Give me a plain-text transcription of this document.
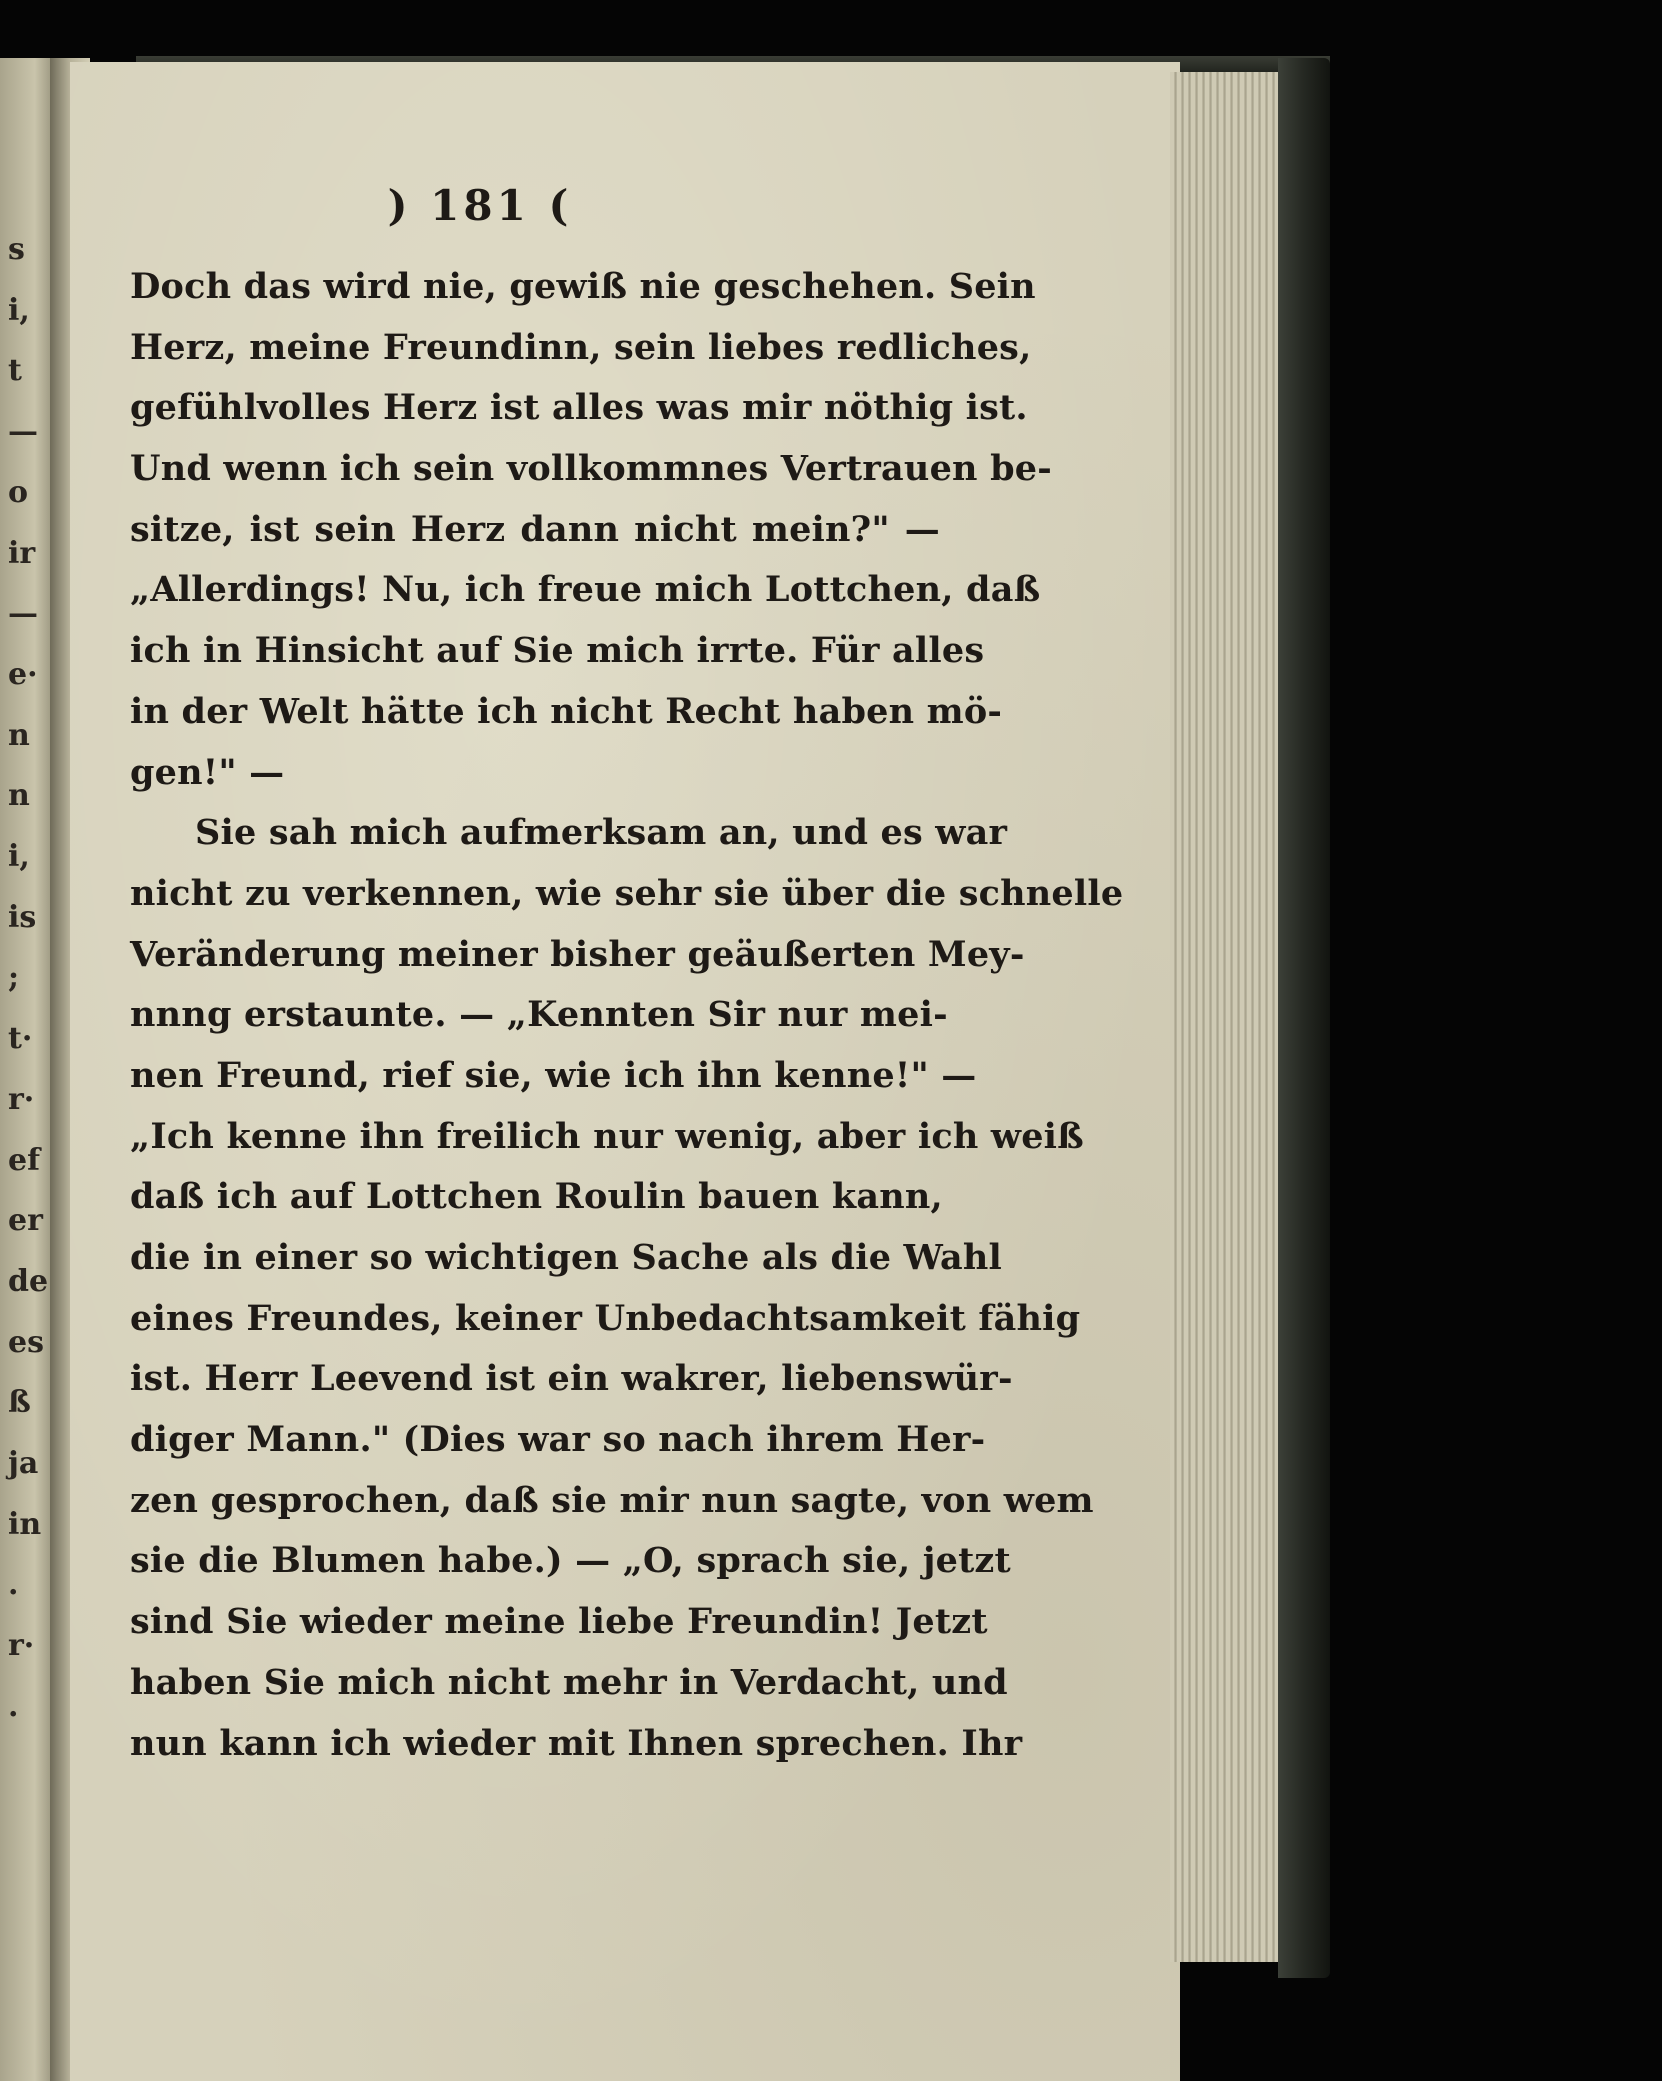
s
i,
t
—
o
ir
—
e·
n
n
i,
is
;
t·
r·
ef
er
de
es
ß
ja
in
.
r·
.
) 181 (
Doch das wird nie, gewiß nie geschehen. Sein
Herz, meine Freundinn, sein liebes redliches,
gefühlvolles Herz ist alles was mir nöthig ist.
Und wenn ich sein vollkommnes Vertrauen be-
sitze, ist sein Herz dann nicht mein?" —
„Allerdings! Nu, ich freue mich Lottchen, daß
ich in Hinsicht auf Sie mich irrte. Für alles
in der Welt hätte ich nicht Recht haben mö-
gen!" —
Sie sah mich aufmerksam an, und es war
nicht zu verkennen, wie sehr sie über die schnelle
Veränderung meiner bisher geäußerten Mey-
nnng erstaunte. — „Kennten Sir nur mei-
nen Freund, rief sie, wie ich ihn kenne!" —
„Ich kenne ihn freilich nur wenig, aber ich weiß
daß ich auf Lottchen Roulin bauen kann,
die in einer so wichtigen Sache als die Wahl
eines Freundes, keiner Unbedachtsamkeit fähig
ist. Herr Leevend ist ein wakrer, liebenswür-
diger Mann." (Dies war so nach ihrem Her-
zen gesprochen, daß sie mir nun sagte, von wem
sie die Blumen habe.) — „O, sprach sie, jetzt
sind Sie wieder meine liebe Freundin! Jetzt
haben Sie mich nicht mehr in Verdacht, und
nun kann ich wieder mit Ihnen sprechen. Ihr
